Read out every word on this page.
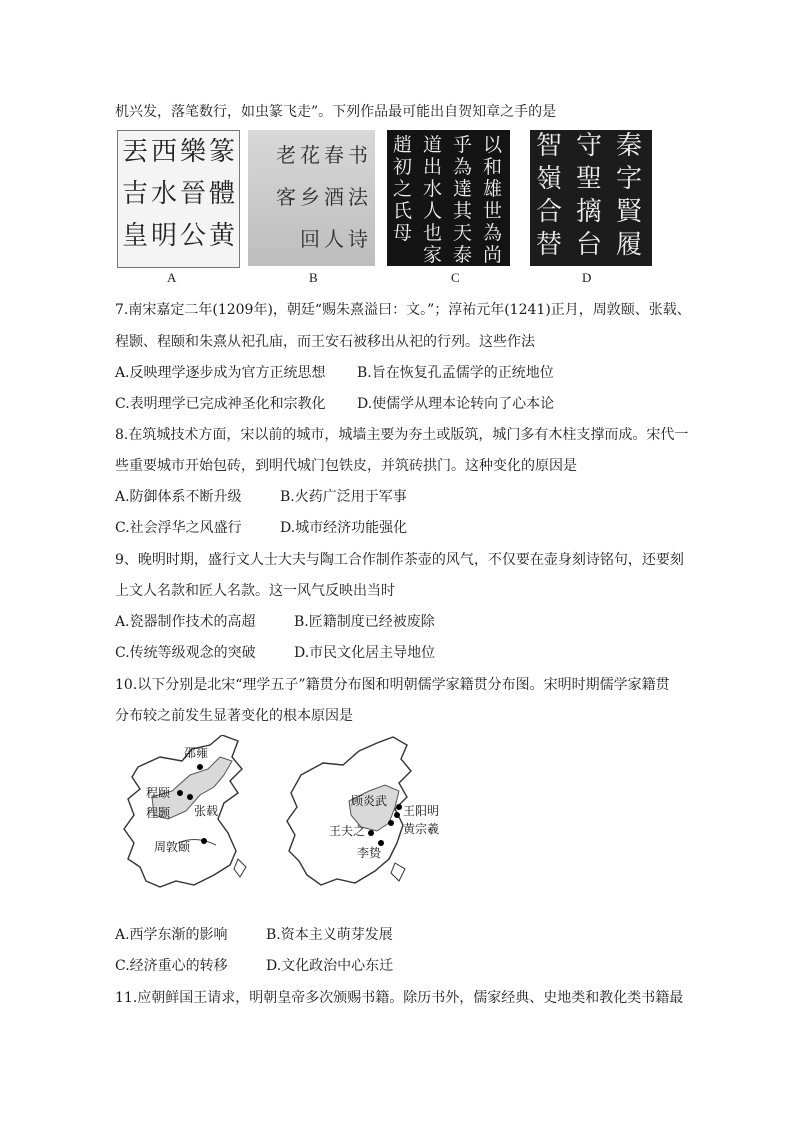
机兴发，落笔数行，如虫篆飞走”。下列作品最可能出自贺知章之手的是
篆
體
黄
樂
晉
公
西
水
明
丟
吉
皇
书
法
诗
春
酒
人
花
乡
回
老
客
以
和
雄
世
為
尚
乎
為
達
其
天
泰
道
出
水
人
也
家
趙
初
之
氏
母
秦
字
賢
履
守
聖
摛
台
智
嶺
合
替
A	B	C	D
7.南宋嘉定二年(1209年)，朝廷“赐朱熹溢曰：文。”；淳祐元年(1241)正月，周敦颐、张载、
程颢、程颐和朱熹从祀孔庙，而王安石被移出从祀的行列。这些作法
A.反映理学逐步成为官方正统思想 B.旨在恢复孔孟儒学的正统地位
C.表明理学已完成神圣化和宗教化 D.使儒学从理本论转向了心本论
8.在筑城技术方面，宋以前的城市，城墙主要为夯土或版筑，城门多有木柱支撑而成。宋代一
些重要城市开始包砖，到明代城门包铁皮，并筑砖拱门。这种变化的原因是
A.防御体系不断升级	B.火药广泛用于军事
C.社会浮华之风盛行	D.城市经济功能强化
9、晚明时期，盛行文人士大夫与陶工合作制作茶壶的风气，不仅要在壶身刻诗铭句，还要刻
上文人名款和匠人名款。这一风气反映出当时
A.瓷器制作技术的高超	B.匠籍制度已经被废除
C.传统等级观念的突破	D.市民文化居主导地位
10.以下分别是北宋“理学五子”籍贯分布图和明朝儒学家籍贯分布图。宋明时期儒学家籍贯
分布较之前发生显著变化的根本原因是
邵雍
程颐
程颢 张载
周敦颐
顾炎武
王阳明
王夫之	黄宗羲
李贽
A.西学东渐的影响	B.资本主义萌芽发展
C.经济重心的转移	D.文化政治中心东迁
11.应朝鲜国王请求，明朝皇帝多次颁赐书籍。除历书外，儒家经典、史地类和教化类书籍最
